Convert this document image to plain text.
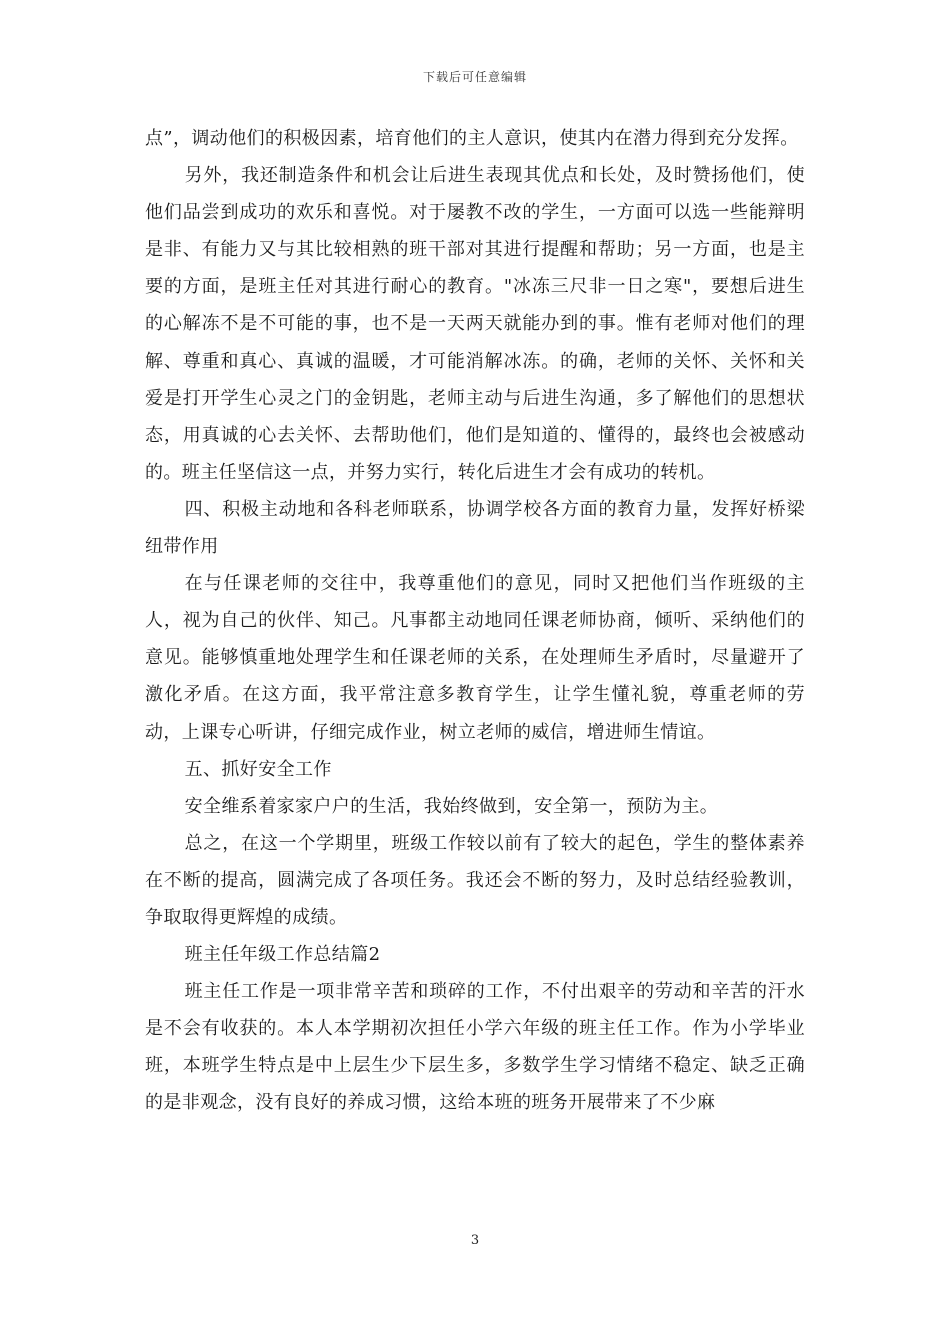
下载后可任意编辑

点”，调动他们的积极因素，培育他们的主人意识，使其内在潜力得到充分发挥。

另外，我还制造条件和机会让后进生表现其优点和长处，及时赞扬他们，使他们品尝到成功的欢乐和喜悦。对于屡教不改的学生，一方面可以选一些能辩明是非、有能力又与其比较相熟的班干部对其进行提醒和帮助；另一方面，也是主要的方面，是班主任对其进行耐心的教育。"冰冻三尺非一日之寒"，要想后进生的心解冻不是不可能的事，也不是一天两天就能办到的事。惟有老师对他们的理解、尊重和真心、真诚的温暖，才可能消解冰冻。的确，老师的关怀、关怀和关爱是打开学生心灵之门的金钥匙，老师主动与后进生沟通，多了解他们的思想状态，用真诚的心去关怀、去帮助他们，他们是知道的、懂得的，最终也会被感动的。班主任坚信这一点，并努力实行，转化后进生才会有成功的转机。

四、积极主动地和各科老师联系，协调学校各方面的教育力量，发挥好桥梁纽带作用

在与任课老师的交往中，我尊重他们的意见，同时又把他们当作班级的主人，视为自己的伙伴、知己。凡事都主动地同任课老师协商，倾听、采纳他们的意见。能够慎重地处理学生和任课老师的关系，在处理师生矛盾时，尽量避开了激化矛盾。在这方面，我平常注意多教育学生，让学生懂礼貌，尊重老师的劳动，上课专心听讲，仔细完成作业，树立老师的威信，增进师生情谊。

五、抓好安全工作

安全维系着家家户户的生活，我始终做到，安全第一，预防为主。

总之，在这一个学期里，班级工作较以前有了较大的起色，学生的整体素养在不断的提高，圆满完成了各项任务。我还会不断的努力，及时总结经验教训，争取取得更辉煌的成绩。

班主任年级工作总结篇2

班主任工作是一项非常辛苦和琐碎的工作，不付出艰辛的劳动和辛苦的汗水是不会有收获的。本人本学期初次担任小学六年级的班主任工作。作为小学毕业班，本班学生特点是中上层生少下层生多，多数学生学习情绪不稳定、缺乏正确的是非观念，没有良好的养成习惯，这给本班的班务开展带来了不少麻

3
